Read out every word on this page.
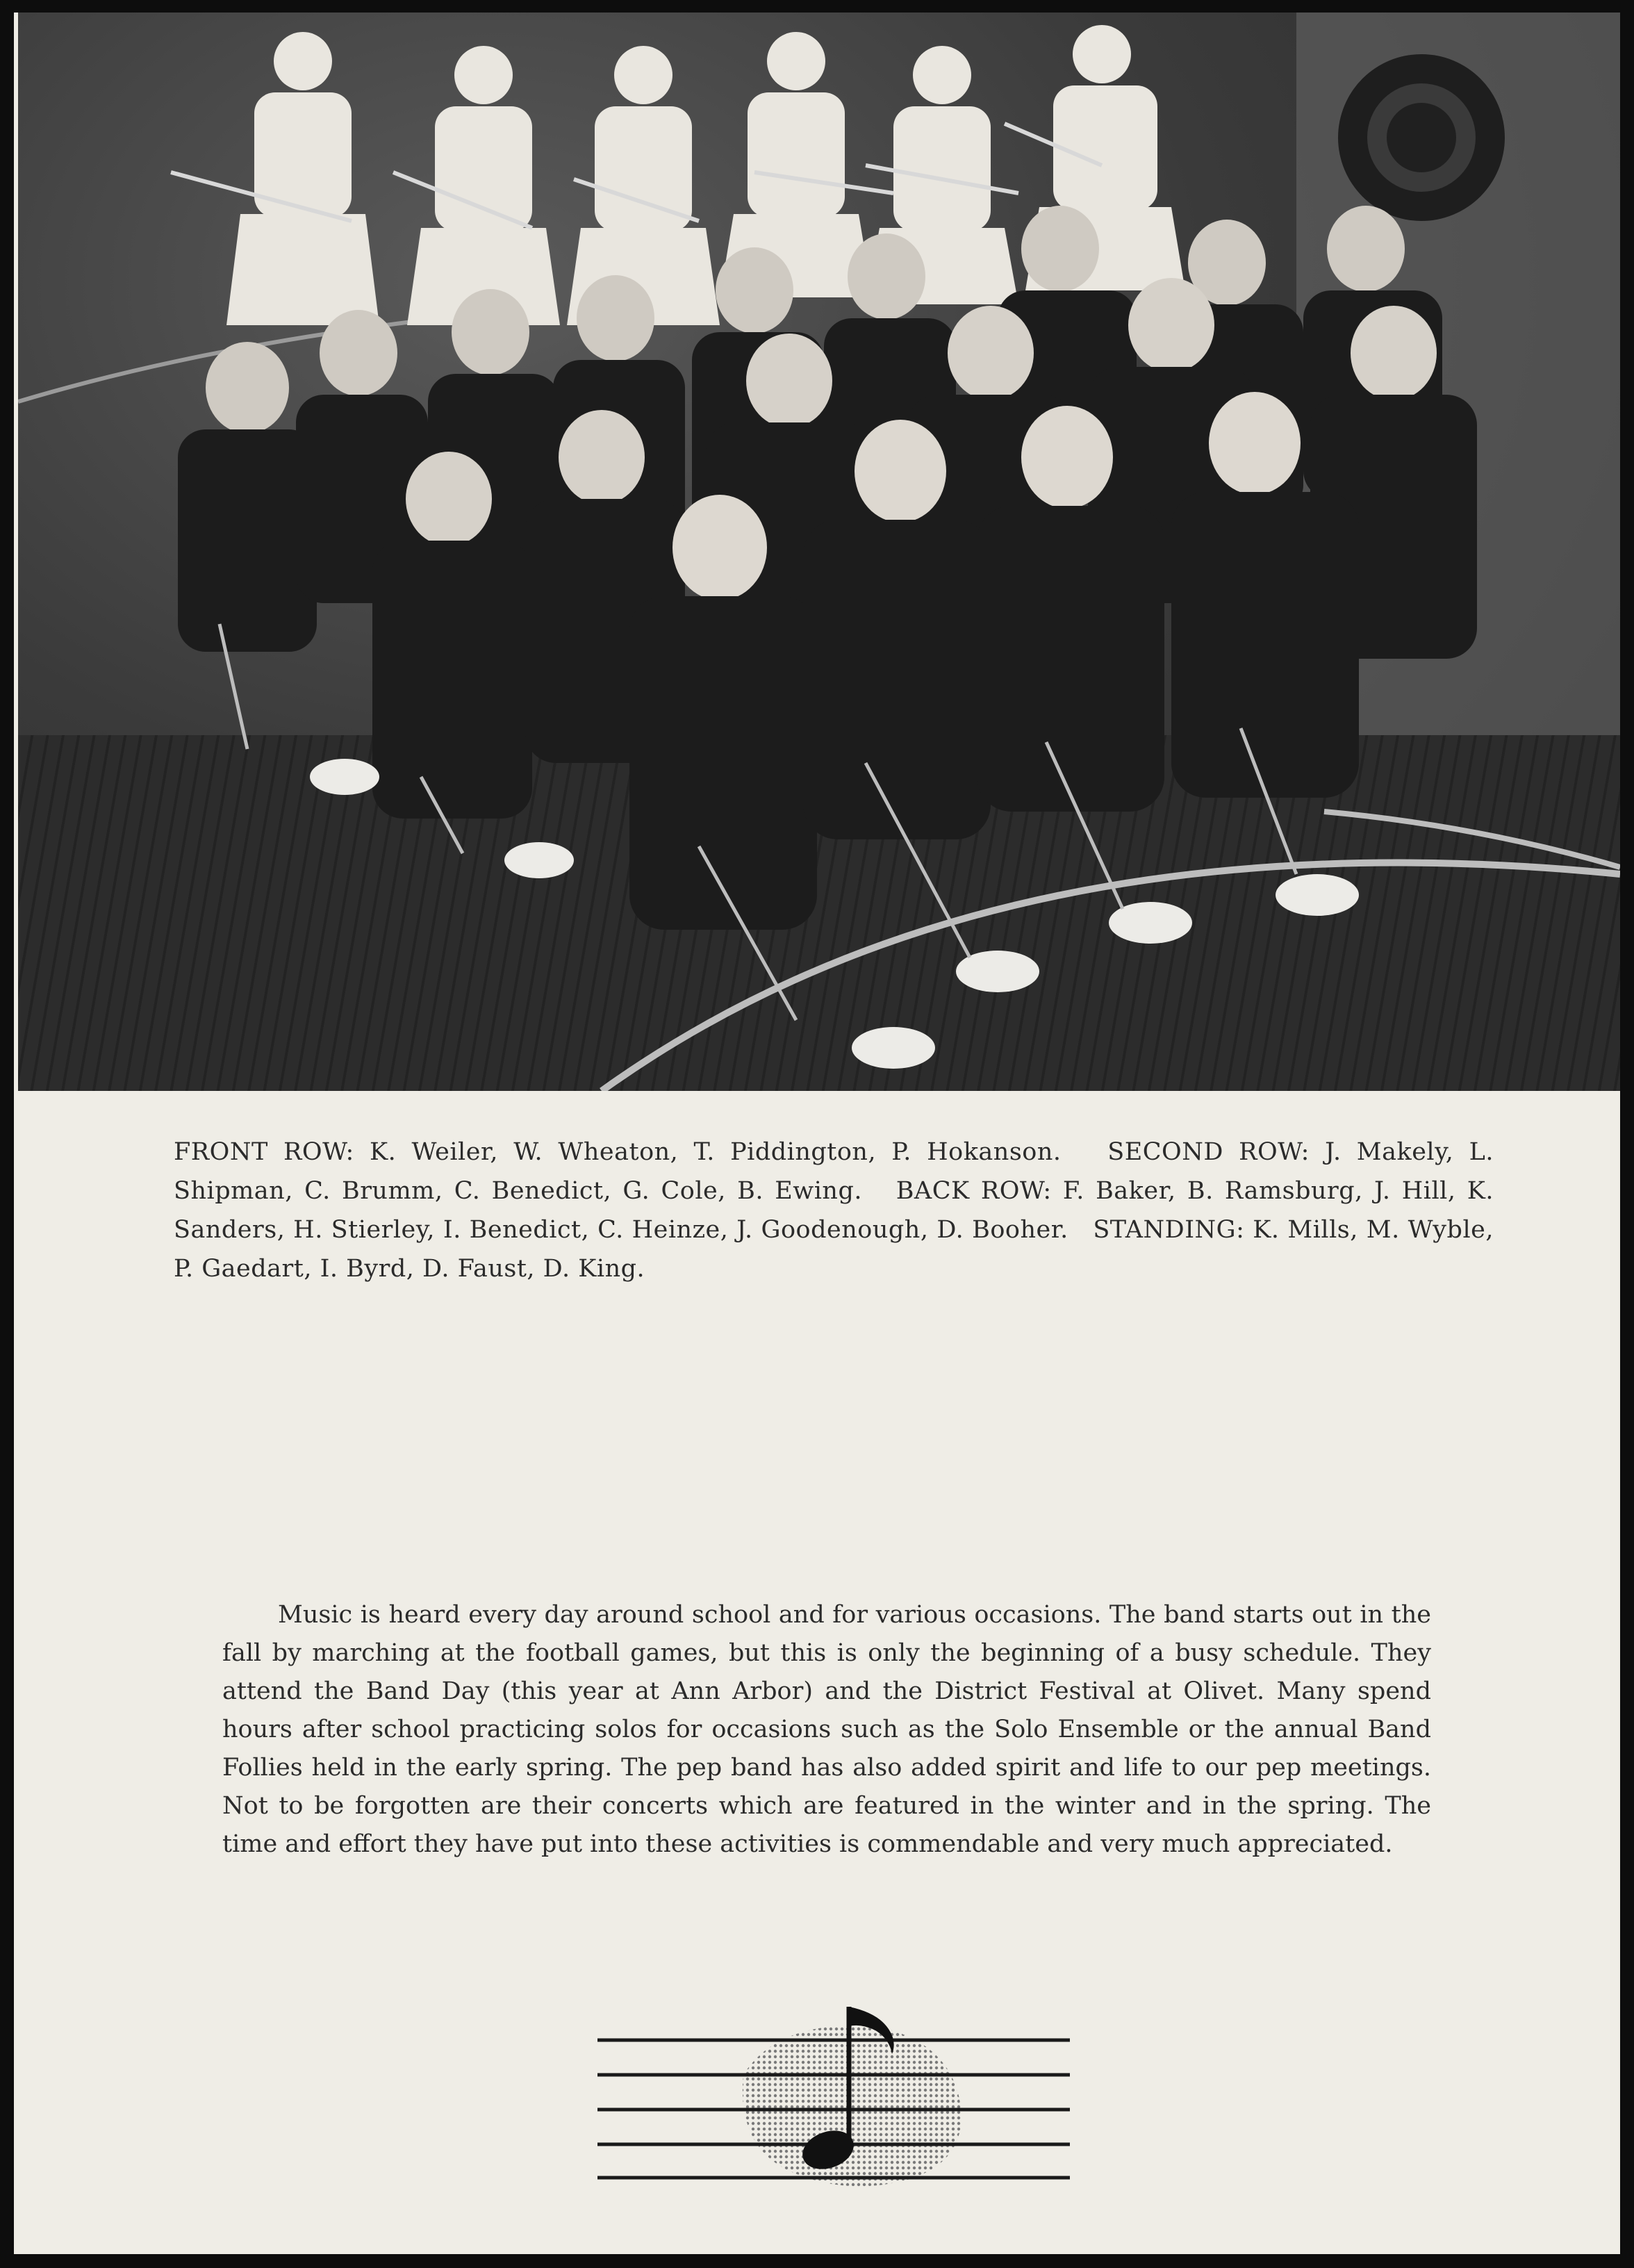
FRONT ROW: K. Weiler, W. Wheaton, T. Piddington, P. Hokanson. SECOND ROW: J. Makely, L. Shipman, C. Brumm, C. Benedict, G. Cole, B. Ewing. BACK ROW: F. Baker, B. Ramsburg, J. Hill, K. Sanders, H. Stierley, I. Benedict, C. Heinze, J. Goodenough, D. Booher. STANDING: K. Mills, M. Wyble, P. Gaedart, I. Byrd, D. Faust, D. King.

Music is heard every day around school and for various occasions. The band starts out in the fall by marching at the football games, but this is only the beginning of a busy schedule. They attend the Band Day (this year at Ann Arbor) and the District Festival at Olivet. Many spend hours after school practicing solos for occasions such as the Solo Ensemble or the annual Band Follies held in the early spring. The pep band has also added spirit and life to our pep meetings. Not to be forgotten are their concerts which are featured in the winter and in the spring. The time and effort they have put into these activities is commendable and very much appreciated.
